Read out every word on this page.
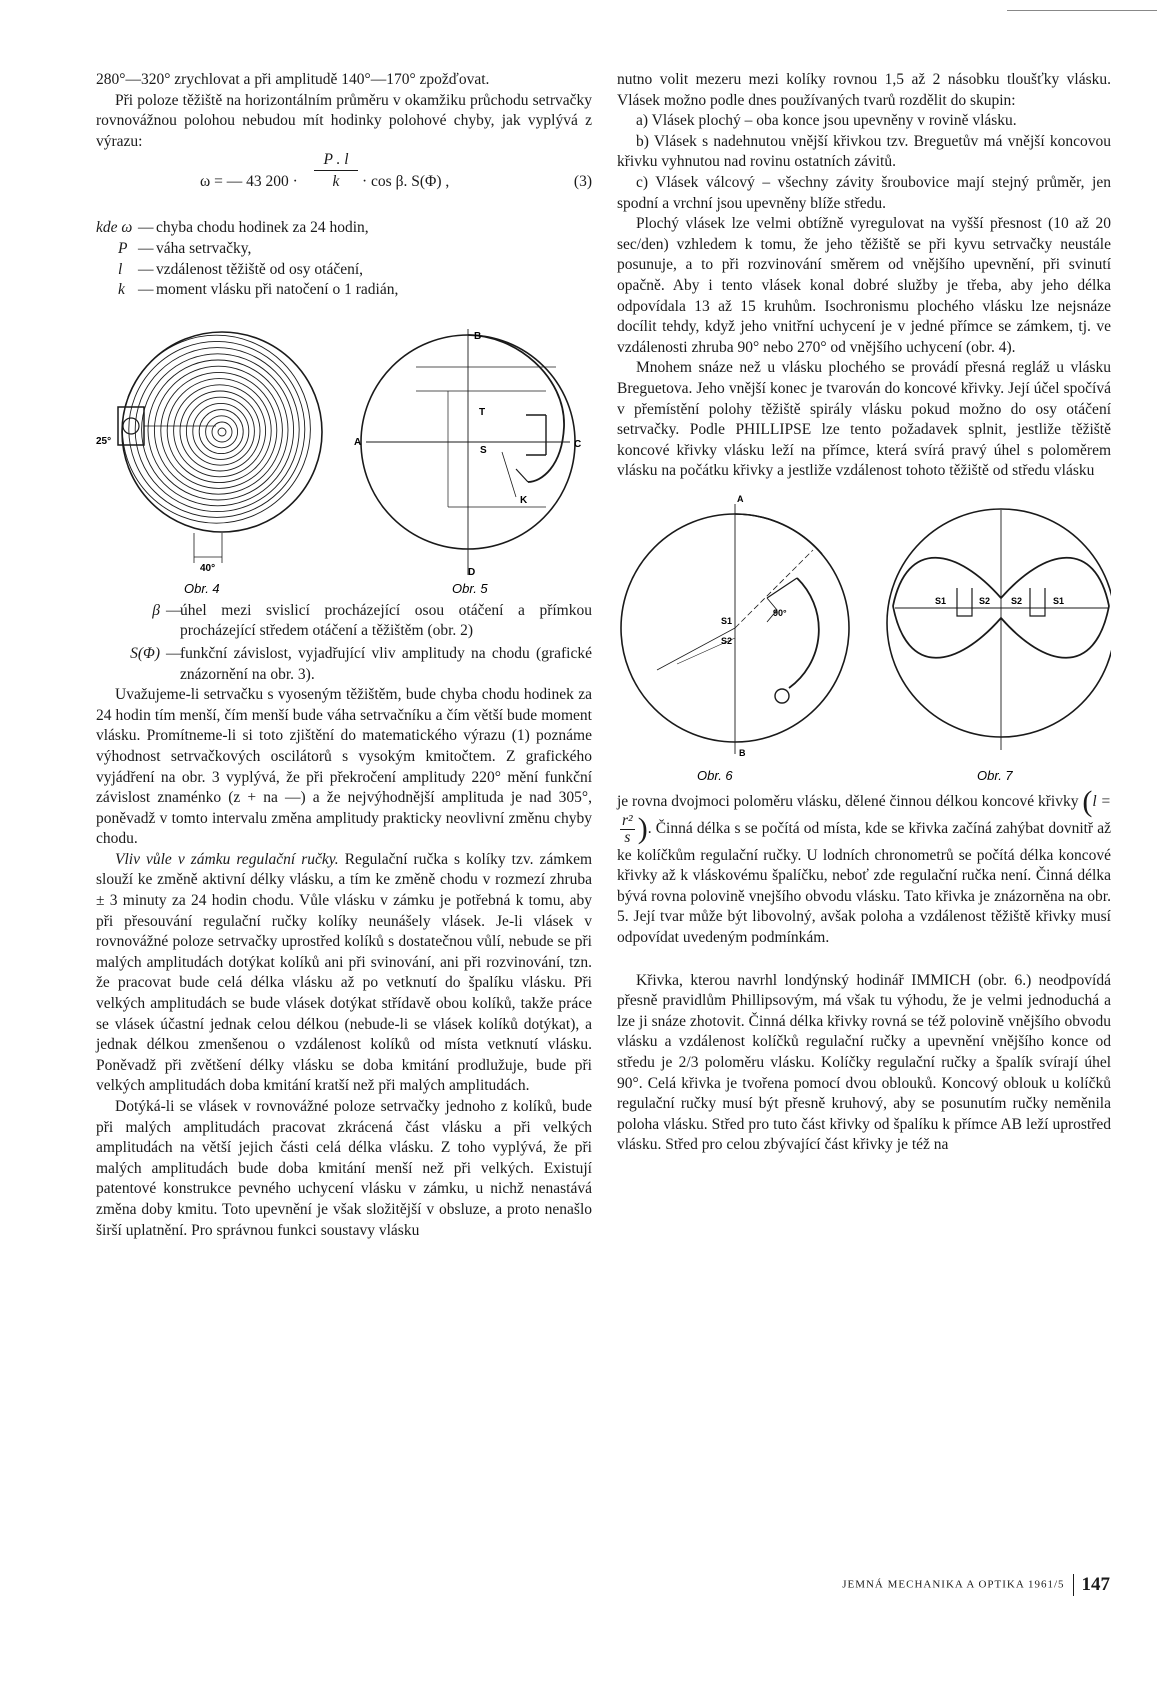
280°—320° zrychlovat a při amplitudě 140°—170° zpožďovat.

Při poloze těžiště na horizontálním průměru v okamžiku průchodu setrvačky rovnovážnou polohou nebudou mít hodinky polohové chyby, jak vyplývá z výrazu:

ω = — 43 $200 \cdot \frac{P . l}{k} \cdot \cos \beta$. S(Φ) ,	(3)
kde ω — chyba chodu hodinek za 24 hodin,
P — váha setrvačky,
l	— vzdálenost těžiště od osy otáčení,
k — moment vlásku při natočení o 1 radián,
25°
40°
Obr. 4
B
A
T
S
C
K
D
Obr. 5
β —
úhel mezi svislicí procházející osou otáčení a přímkou procházející středem otáčení a těžištěm (obr. 2)
S(Φ) —
funkční závislost, vyjadřující vliv amplitudy na chodu (grafické znázornění na obr. 3).

Uvažujeme-li setrvačku s vyoseným těžištěm, bude chyba chodu hodinek za 24 hodin tím menší, čím menší bude váha setrvačníku a čím větší bude moment vlásku. Promítneme-li si toto zjištění do matematického výrazu (1) poznáme výhodnost setrvačkových oscilátorů s vysokým kmitočtem. Z grafického vyjádření na obr. 3 vyplývá, že při překročení amplitudy 220° mění funkční závislost znaménko (z + na —) a že nejvýhodnější amplituda je nad 305°, poněvadž v tomto intervalu změna amplitudy prakticky neovlivní změnu chyby chodu.

Vliv vůle v zámku regulační ručky. Regulační ručka s kolíky tzv. zámkem slouží ke změně aktivní délky vlásku, a tím ke změně chodu v rozmezí zhruba ± 3 minuty za 24 hodin chodu. Vůle vlásku v zámku je potřebná k tomu, aby při přesouvání regulační ručky kolíky neunášely vlásek. Je-li vlásek v rovnovážné poloze setrvačky uprostřed kolíků s dostatečnou vůlí, nebude se při malých amplitudách dotýkat kolíků ani při svinování, ani při rozvinování, tzn. že pracovat bude celá délka vlásku až po vetknutí do špalíku vlásku. Při velkých amplitudách se bude vlásek dotýkat střídavě obou kolíků, takže práce se vlásek účastní jednak celou délkou (nebude-li se vlásek kolíků dotýkat), a jednak délkou zmenšenou o vzdálenost kolíků od místa vetknutí vlásku. Poněvadž při zvětšení délky vlásku se doba kmitání prodlužuje, bude při velkých amplitudách doba kmitání kratší než při malých amplitudách.

Dotýká-li se vlásek v rovnovážné poloze setrvačky jednoho z kolíků, bude při malých amplitudách pracovat zkrácená část vlásku a při velkých amplitudách na větší jejich části celá délka vlásku. Z toho vyplývá, že při malých amplitudách bude doba kmitání menší než při velkých. Existují patentové konstrukce pevného uchycení vlásku v zámku, u nichž nenastává změna doby kmitu. Toto upevnění je však složitější v obsluze, a proto nenašlo širší uplatnění. Pro správnou funkci soustavy vlásku

nutno volit mezeru mezi kolíky rovnou 1,5 až 2 násobku tloušťky vlásku. Vlásek možno podle dnes používaných tvarů rozdělit do skupin:

a) Vlásek plochý – oba konce jsou upevněny v rovině vlásku.

b) Vlásek s nadehnutou vnější křivkou tzv. Breguetův má vnější koncovou křivku vyhnutou nad rovinu ostatních závitů.

c) Vlásek válcový – všechny závity šroubovice mají stejný průměr, jen spodní a vrchní jsou upevněny blíže středu.

Plochý vlásek lze velmi obtížně vyregulovat na vyšší přesnost (10 až 20 sec/den) vzhledem k tomu, že jeho těžiště se při kyvu setrvačky neustále posunuje, a to při rozvinování směrem od vnějšího upevnění, při svinutí opačně. Aby i tento vlásek konal dobré služby je třeba, aby jeho délka odpovídala 13 až 15 kruhům. Isochronismu plochého vlásku lze nejsnáze docílit tehdy, když jeho vnitřní uchycení je v jedné přímce se zámkem, tj. ve vzdálenosti zhruba 90° nebo 270° od vnějšího uchycení (obr. 4).

Mnohem snáze než u vlásku plochého se provádí přesná regláž u vlásku Breguetova. Jeho vnější konec je tvarován do koncové křivky. Její účel spočívá v přemístění polohy těžiště spirály vlásku pokud možno do osy otáčení setrvačky. Podle PHILLIPSE lze tento požadavek splnit, jestliže těžiště koncové křivky vlásku leží na přímce, která svírá pravý úhel s poloměrem vlásku na počátku křivky a jestliže vzdálenost tohoto těžiště od středu vlásku

A
B
S1
S2
90°
Obr. 6
S1	S2 S2	S1
Obr. 7

je rovna dvojmoci poloměru vlásku, dělené činnou délkou koncové křivky (l =
$\frac{\text{r²}}{s}$ ). Činná délka s se počítá od místa, kde se křivka začíná zahýbat dovnitř až ke kolíčkům regulační ručky. U lodních chronometrů se počítá délka koncové křivky až k vláskovému špalíčku, neboť zde regulační ručka není. Činná délka bývá rovna polovině vnejšího obvodu vlásku. Tato křivka je znázorněna na obr. 5. Její tvar může být libovolný, avšak poloha a vzdálenost těžiště křivky musí odpovídat uvedeným podmínkám.

Křivka, kterou navrhl londýnský hodinář IMMICH (obr. 6.) neodpovídá přesně pravidlům Phillipsovým, má však tu výhodu, že je velmi jednoduchá a lze ji snáze zhotovit. Činná délka křivky rovná se též polovině vnějšího obvodu vlásku a vzdálenost kolíčků regulační ručky a upevnění vnějšího konce od středu je 2/3 poloměru vlásku. Kolíčky regulační ručky a špalík svírají úhel 90°. Celá křivka je tvořena pomocí dvou oblouků. Koncový oblouk u kolíčků regulační ručky musí být přesně kruhový, aby se posunutím ručky neměnila poloha vlásku. Střed pro tuto část křivky od špalíku k přímce AB leží uprostřed vlásku. Střed pro celou zbývající část křivky je též na

JEMNÁ MECHANIKA A OPTIKA 1961/5 147
